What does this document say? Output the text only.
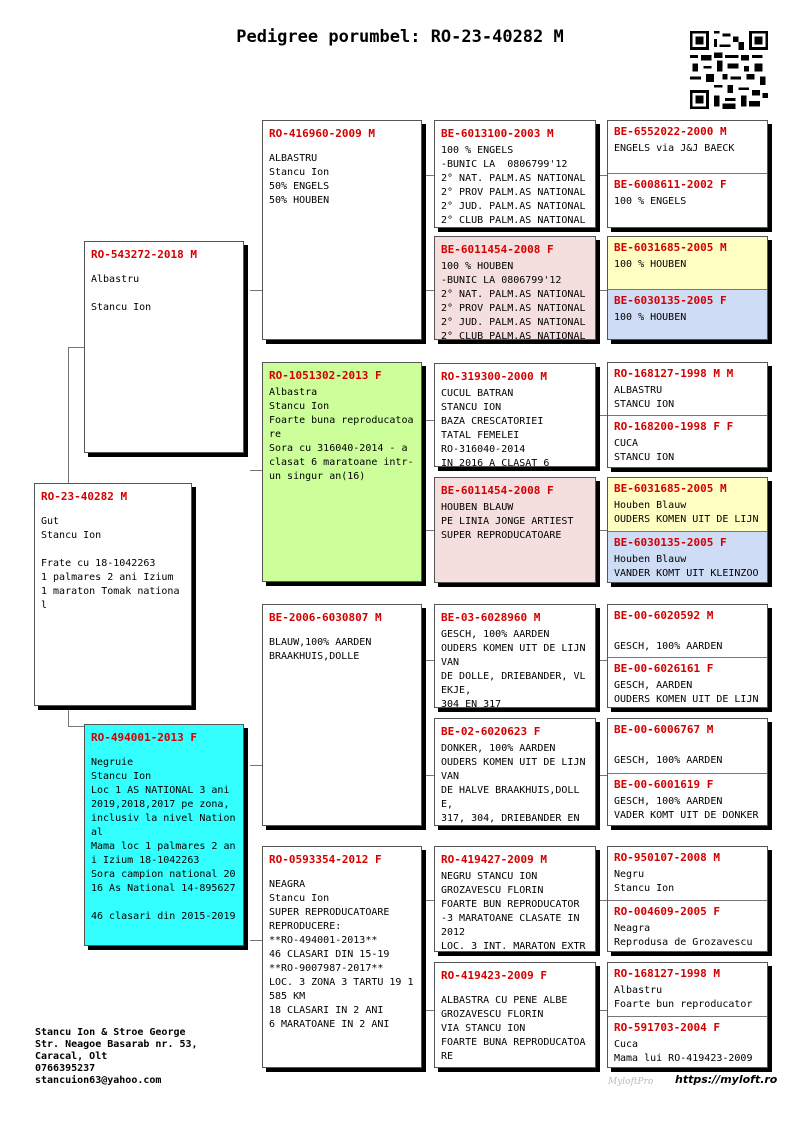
Pedigree porumbel: RO-23-40282 M
RO-23-40282 M
Gut
Stancu Ion

Frate cu 18-1042263
1 palmares 2 ani Izium
1 maraton Tomak national
RO-543272-2018 M
Albastru

Stancu Ion
RO-494001-2013 F
Negruie
Stancu Ion
Loc 1 AS NATIONAL 3 ani 2019,2018,2017 pe zona, inclusiv la nivel National
Mama loc 1 palmares 2 ani Izium 18-1042263
Sora campion national 2016 As National 14-895627

46 clasari din 2015-2019
RO-416960-2009 M
ALBASTRU
Stancu Ion
50% ENGELS
50% HOUBEN
RO-1051302-2013 F
Albastra
Stancu Ion
Foarte buna reproducatoare
Sora cu 316040-2014 - a clasat 6 maratoane intr-un singur an(16)
BE-2006-6030807 M
BLAUW,100% AARDEN
BRAAKHUIS,DOLLE
RO-0593354-2012 F
NEAGRA
Stancu Ion
SUPER REPRODUCATOARE
REPRODUCERE:
**RO-494001-2013**
46 CLASARI DIN 15-19
**RO-9007987-2017**
LOC. 3 ZONA 3 TARTU 19 1585 KM
18 CLASARI IN 2 ANI
6 MARATOANE IN 2 ANI
BE-6013100-2003 M
100 % ENGELS
-BUNIC LA  0806799'12
2° NAT. PALM.AS NATIONAL
2° PROV PALM.AS NATIONAL
2° JUD. PALM.AS NATIONAL
2° CLUB PALM.AS NATIONAL
BE-6011454-2008 F
100 % HOUBEN
-BUNIC LA 0806799'12
2° NAT. PALM.AS NATIONAL
2° PROV PALM.AS NATIONAL
2° JUD. PALM.AS NATIONAL
2° CLUB PALM.AS NATIONAL
RO-319300-2000 M
CUCUL BATRAN
STANCU ION
BAZA CRESCATORIEI
TATAL FEMELEI
RO-316040-2014
IN 2016 A CLASAT 6
BE-6011454-2008 F
HOUBEN BLAUW
PE LINIA JONGE ARTIEST
SUPER REPRODUCATOARE
BE-03-6028960 M
GESCH, 100% AARDEN
OUDERS KOMEN UIT DE LIJN VAN
DE DOLLE, DRIEBANDER, VLEKJE,
304 EN 317
BE-02-6020623 F
DONKER, 100% AARDEN
OUDERS KOMEN UIT DE LIJN VAN
DE HALVE BRAAKHUIS,DOLLE,
317, 304, DRIEBANDER EN
RO-419427-2009 M
NEGRU STANCU ION
GROZAVESCU FLORIN
FOARTE BUN REPRODUCATOR
-3 MARATOANE CLASATE IN 2012
LOC. 3 INT. MARATON EXTR
RO-419423-2009 F
ALBASTRA CU PENE ALBE
GROZAVESCU FLORIN
VIA STANCU ION
FOARTE BUNA REPRODUCATOARE
BE-6552022-2000 M
ENGELS via J&J BAECK
BE-6008611-2002 F
100 % ENGELS
BE-6031685-2005 M
100 % HOUBEN
BE-6030135-2005 F
100 % HOUBEN
RO-168127-1998 M M
ALBASTRU
STANCU ION
RO-168200-1998 F F
CUCA
STANCU ION
BE-6031685-2005 M
Houben Blauw
OUDERS KOMEN UIT DE LIJN
BE-6030135-2005 F
Houben Blauw
VANDER KOMT UIT KLEINZOO
BE-00-6020592 M

GESCH, 100% AARDEN
BE-00-6026161 F
GESCH, AARDEN
OUDERS KOMEN UIT DE LIJN
BE-00-6006767 M

GESCH, 100% AARDEN
BE-00-6001619 F
GESCH, 100% AARDEN
VADER KOMT UIT DE DONKER
RO-950107-2008 M
Negru
Stancu Ion
RO-004609-2005 F
Neagra
Reprodusa de Grozavescu
RO-168127-1998 M
Albastru
Foarte bun reproducator
RO-591703-2004 F
Cuca
Mama lui RO-419423-2009
Stancu Ion & Stroe George
Str. Neagoe Basarab nr. 53,
Caracal, Olt
0766395237
stancuion63@yahoo.com	MyloftPro https://myloft.ro
